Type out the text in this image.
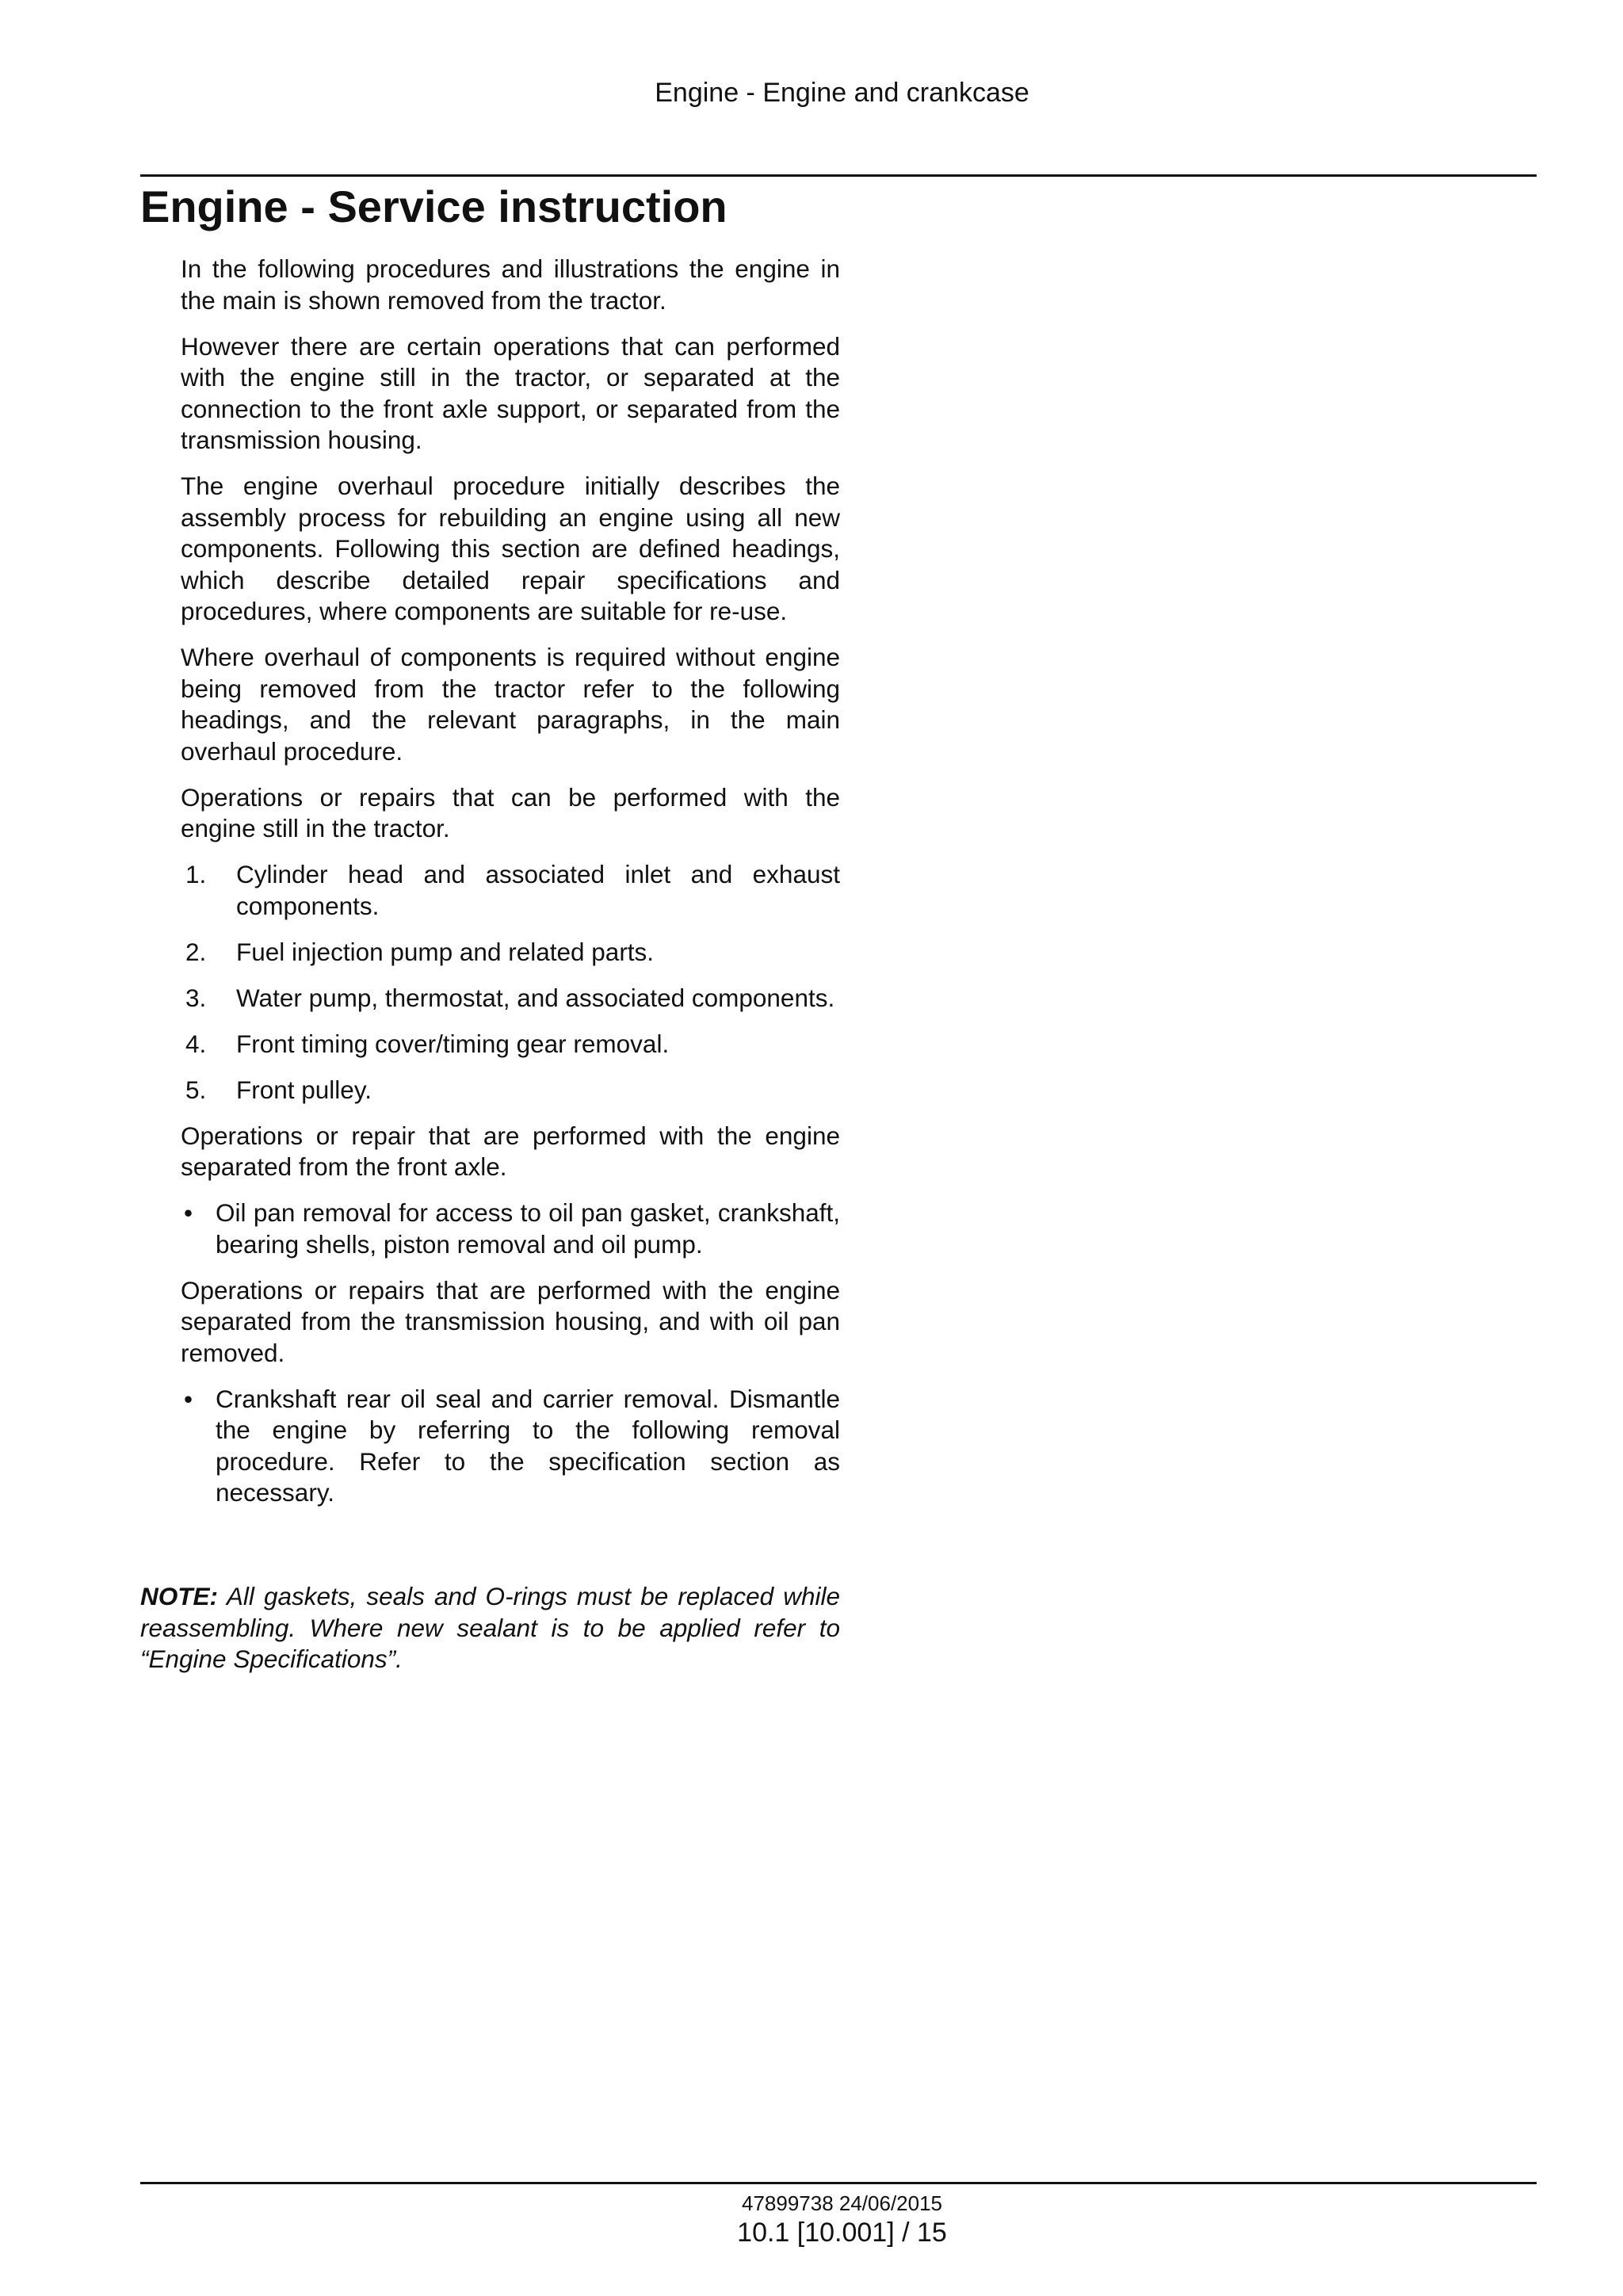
Engine - Engine and crankcase
Engine - Service instruction

In the following procedures and illustrations the engine in the main is shown removed from the tractor.

However there are certain operations that can performed with the engine still in the tractor, or separated at the connection to the front axle support, or separated from the transmission housing.

The engine overhaul procedure initially describes the assembly process for rebuilding an engine using all new components. Following this section are defined headings, which describe detailed repair specifications and procedures, where components are suitable for re-use.

Where overhaul of components is required without engine being removed from the tractor refer to the following headings, and the relevant paragraphs, in the main overhaul procedure.

Operations or repairs that can be performed with the engine still in the tractor.

1.	Cylinder head and associated inlet and exhaust components.
2.	Fuel injection pump and related parts.
3.	Water pump, thermostat, and associated components.
4.	Front timing cover/timing gear removal.
5.	Front pulley.

Operations or repair that are performed with the engine separated from the front axle.

• Oil pan removal for access to oil pan gasket, crankshaft, bearing shells, piston removal and oil pump.

Operations or repairs that are performed with the engine separated from the transmission housing, and with oil pan removed.

• Crankshaft rear oil seal and carrier removal. Dismantle the engine by referring to the following removal procedure. Refer to the specification section as necessary.
NOTE: All gaskets, seals and O-rings must be replaced while reassembling. Where new sealant is to be applied refer to “Engine Specifications”.
47899738 24/06/2015
10.1 [10.001] / 15
